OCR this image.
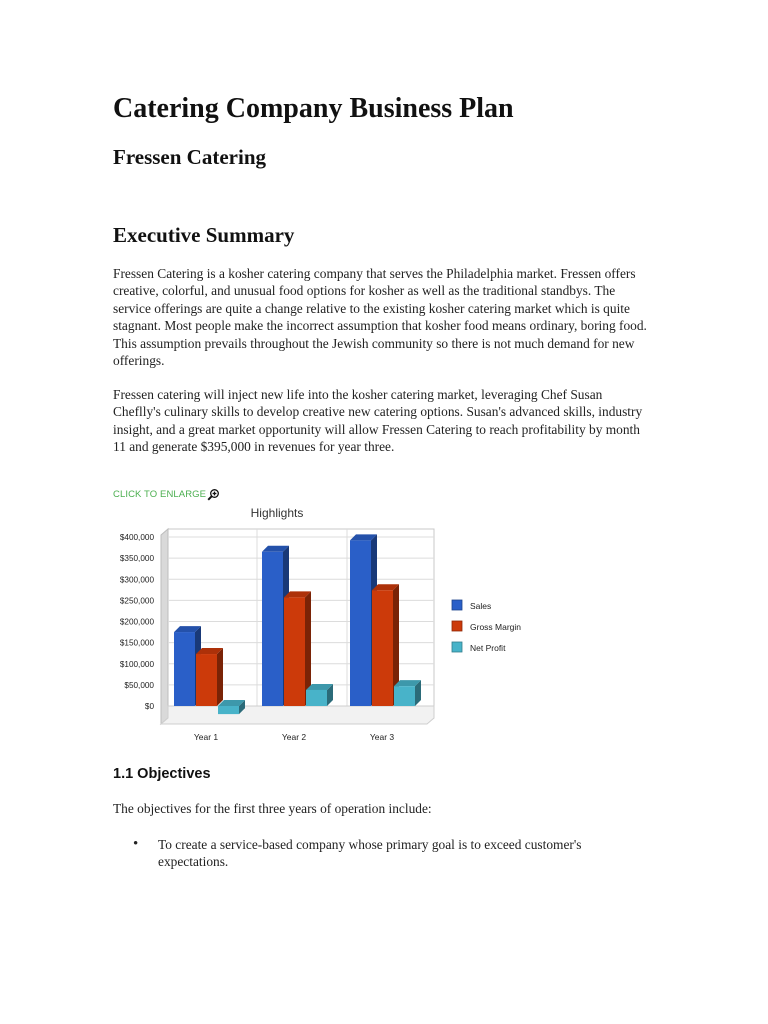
Catering Company Business Plan
Fressen Catering
Executive Summary

Fressen Catering is a kosher catering company that serves the Philadelphia market. Fressen offers creative, colorful, and unusual food options for kosher as well as the traditional standbys. The service offerings are quite a change relative to the existing kosher catering market which is quite stagnant. Most people make the incorrect assumption that kosher food means ordinary, boring food. This assumption prevails throughout the Jewish community so there is not much demand for new offerings.

Fressen catering will inject new life into the kosher catering market, leveraging Chef Susan Cheflly's culinary skills to develop creative new catering options. Susan's advanced skills, industry insight, and a great market opportunity will allow Fressen Catering to reach profitability by month 11 and generate $395,000 in revenues for year three.

CLICK TO ENLARGE
$0
$50,000
$100,000
$150,000
$200,000
$250,000
$300,000
$350,000
$400,000
Highlights
Year 1	Year 2	Year 3
Sales
Gross Margin
Net Profit
1.1 Objectives

The objectives for the first three years of operation include:

• To create a service-based company whose primary goal is to exceed customer's expectations.
